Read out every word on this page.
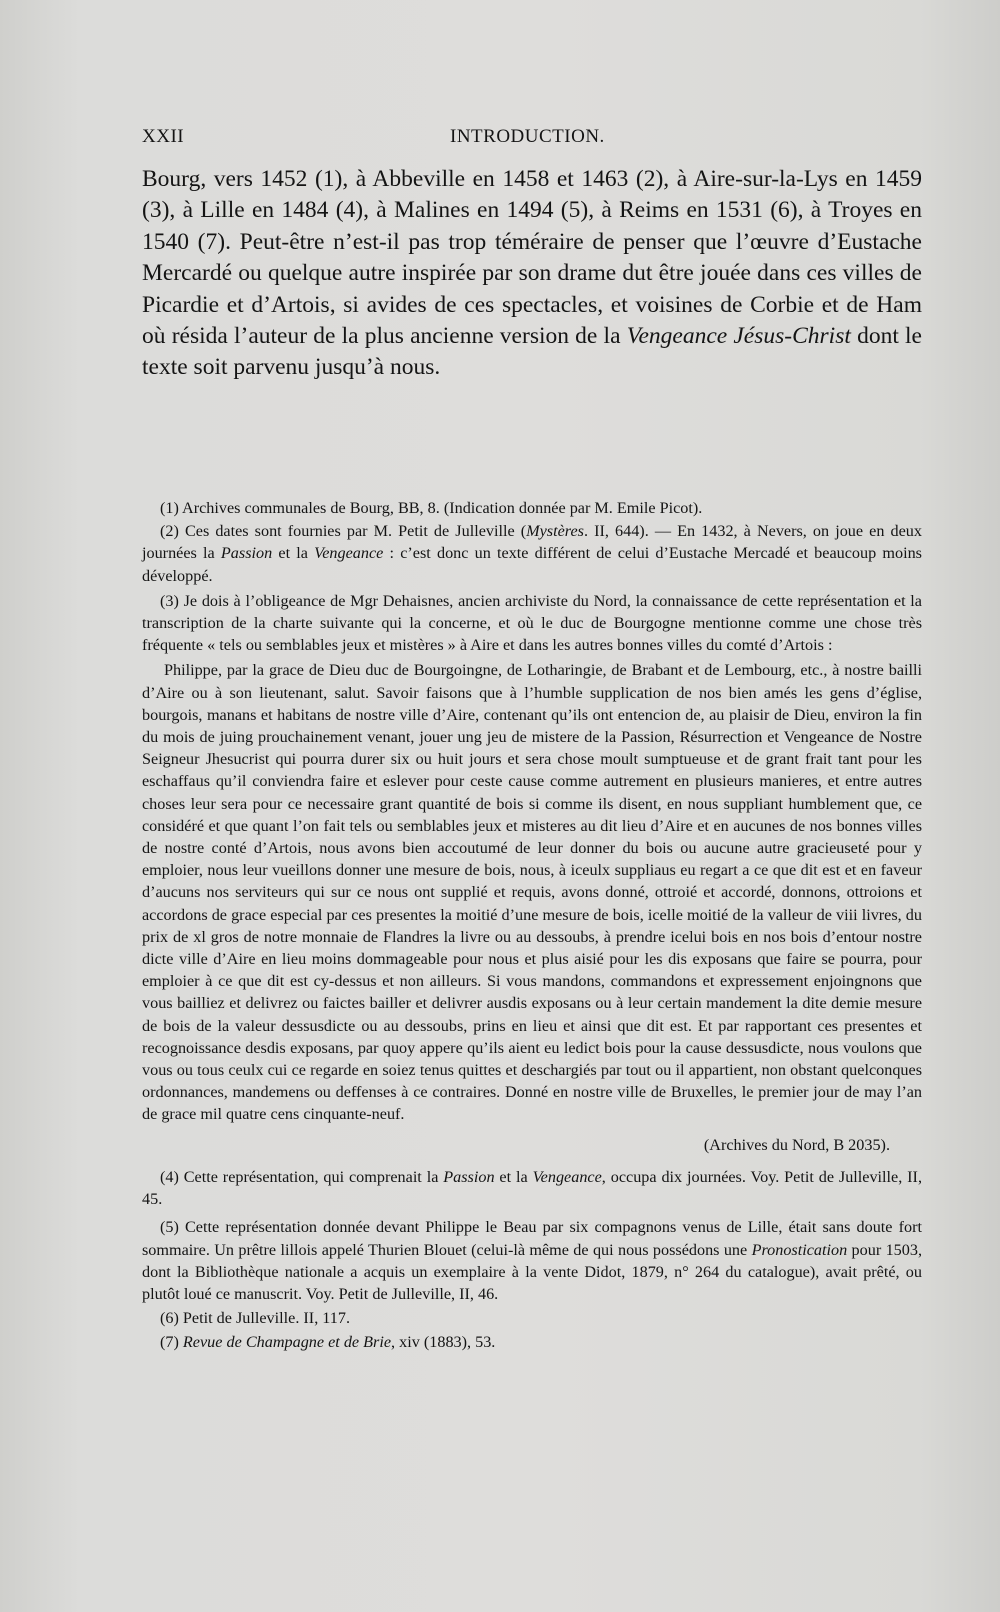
XXII	INTRODUCTION.

Bourg, vers 1452 (1), à Abbeville en 1458 et 1463 (2), à Aire-sur-la-Lys en 1459 (3), à Lille en 1484 (4), à Malines en 1494 (5), à Reims en 1531 (6), à Troyes en 1540 (7). Peut-être n’est-il pas trop téméraire de penser que l’œuvre d’Eustache Mercardé ou quelque autre inspirée par son drame dut être jouée dans ces villes de Picardie et d’Artois, si avides de ces spectacles, et voisines de Corbie et de Ham où résida l’auteur de la plus ancienne version de la Vengeance Jésus-Christ dont le texte soit parvenu jusqu’à nous.

(1) Archives communales de Bourg, BB, 8. (Indication donnée par M. Emile Picot).

(2) Ces dates sont fournies par M. Petit de Julleville (Mystères. II, 644). — En 1432, à Nevers, on joue en deux journées la Passion et la Vengeance : c’est donc un texte différent de celui d’Eustache Mercadé et beaucoup moins développé.

(3) Je dois à l’obligeance de Mgr Dehaisnes, ancien archiviste du Nord, la connaissance de cette représentation et la transcription de la charte suivante qui la concerne, et où le duc de Bourgogne mentionne comme une chose très fréquente « tels ou semblables jeux et mistères » à Aire et dans les autres bonnes villes du comté d’Artois :

Philippe, par la grace de Dieu duc de Bourgoingne, de Lotharingie, de Brabant et de Lembourg, etc., à nostre bailli d’Aire ou à son lieutenant, salut. Savoir faisons que à l’humble supplication de nos bien amés les gens d’église, bourgois, manans et habitans de nostre ville d’Aire, contenant qu’ils ont entencion de, au plaisir de Dieu, environ la fin du mois de juing prouchainement venant, jouer ung jeu de mistere de la Passion, Résurrection et Vengeance de Nostre Seigneur Jhesucrist qui pourra durer six ou huit jours et sera chose moult sumptueuse et de grant frait tant pour les eschaffaus qu’il conviendra faire et eslever pour ceste cause comme autrement en plusieurs manieres, et entre autres choses leur sera pour ce necessaire grant quantité de bois si comme ils disent, en nous suppliant humblement que, ce considéré et que quant l’on fait tels ou semblables jeux et misteres au dit lieu d’Aire et en aucunes de nos bonnes villes de nostre conté d’Artois, nous avons bien accoutumé de leur donner du bois ou aucune autre gracieuseté pour y emploier, nous leur vueillons donner une mesure de bois, nous, à iceulx suppliaus eu regart a ce que dit est et en faveur d’aucuns nos serviteurs qui sur ce nous ont supplié et requis, avons donné, ottroié et accordé, donnons, ottroions et accordons de grace especial par ces presentes la moitié d’une mesure de bois, icelle moitié de la valleur de viii livres, du prix de xl gros de notre monnaie de Flandres la livre ou au dessoubs, à prendre icelui bois en nos bois d’entour nostre dicte ville d’Aire en lieu moins dommageable pour nous et plus aisié pour les dis exposans que faire se pourra, pour emploier à ce que dit est cy-dessus et non ailleurs. Si vous mandons, commandons et expressement enjoingnons que vous bailliez et delivrez ou faictes bailler et delivrer ausdis exposans ou à leur certain mandement la dite demie mesure de bois de la valeur dessusdicte ou au dessoubs, prins en lieu et ainsi que dit est. Et par rapportant ces presentes et recognoissance desdis exposans, par quoy appere qu’ils aient eu ledict bois pour la cause dessusdicte, nous voulons que vous ou tous ceulx cui ce regarde en soiez tenus quittes et deschargiés par tout ou il appartient, non obstant quelconques ordonnances, mandemens ou deffenses à ce contraires. Donné en nostre ville de Bruxelles, le premier jour de may l’an de grace mil quatre cens cinquante-neuf.

(Archives du Nord, B 2035).

(4) Cette représentation, qui comprenait la Passion et la Vengeance, occupa dix journées. Voy. Petit de Julleville, II, 45.

(5) Cette représentation donnée devant Philippe le Beau par six compagnons venus de Lille, était sans doute fort sommaire. Un prêtre lillois appelé Thurien Blouet (celui-là même de qui nous possédons une Pronostication pour 1503, dont la Bibliothèque nationale a acquis un exemplaire à la vente Didot, 1879, n° 264 du catalogue), avait prêté, ou plutôt loué ce manuscrit. Voy. Petit de Julleville, II, 46.

(6) Petit de Julleville. II, 117.

(7) Revue de Champagne et de Brie, xiv (1883), 53.
